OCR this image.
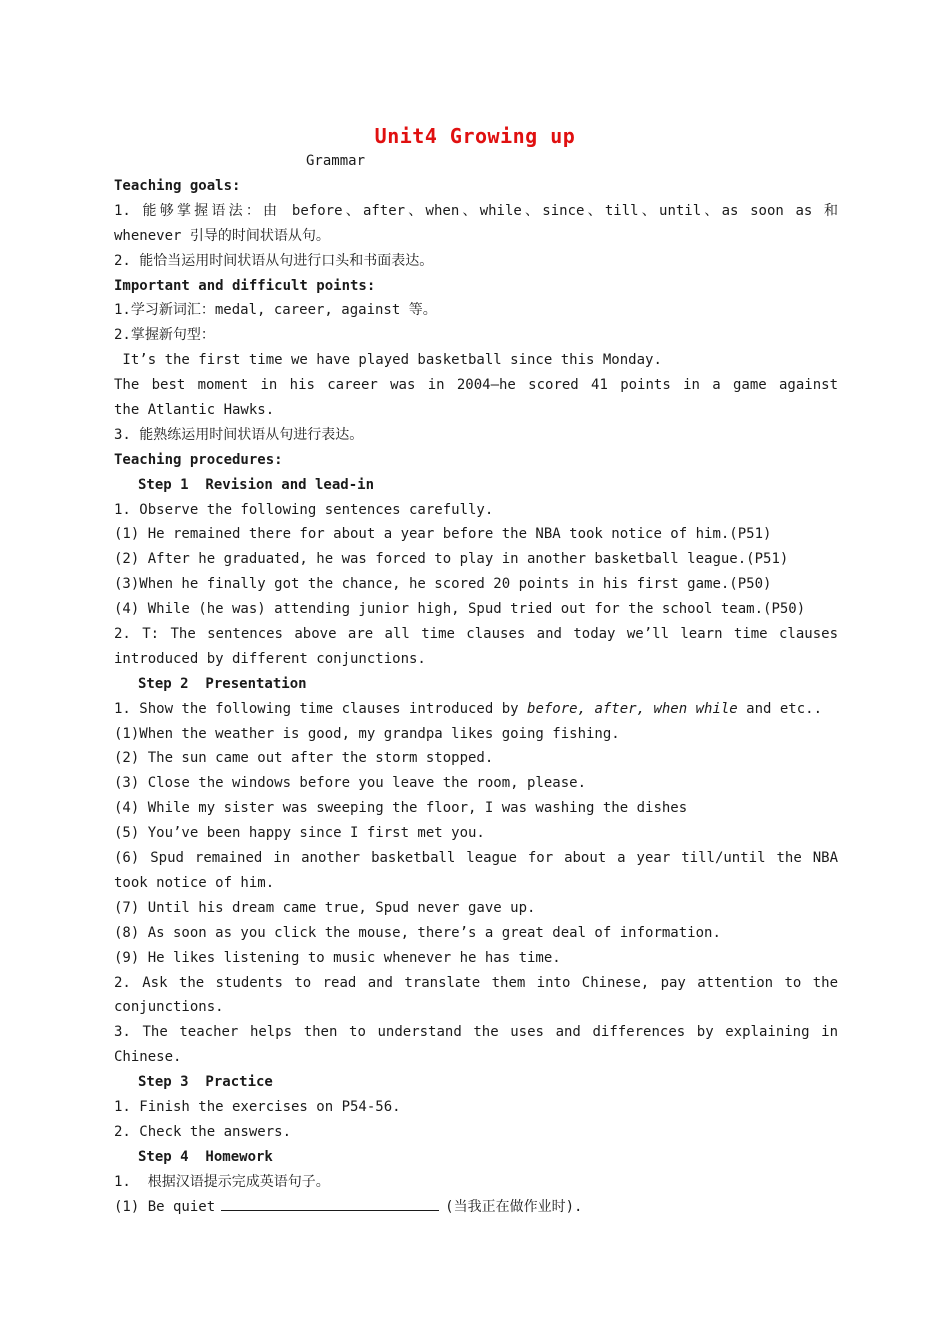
Unit4 Growing up
Grammar
Teaching goals:
1. 能够掌握语法：由 before、after、when、while、since、till、until、as soon as 和
whenever 引导的时间状语从句。
2. 能恰当运用时间状语从句进行口头和书面表达。
Important and difficult points:
1.学习新词汇：medal, career, against 等。
2.掌握新句型：
It’s the first time we have played basketball since this Monday.
The best moment in his career was in 2004—he scored 41 points in a game against
the Atlantic Hawks.
3. 能熟练运用时间状语从句进行表达。
Teaching procedures:
Step 1  Revision and lead-in
1. Observe the following sentences carefully.
(1) He remained there for about a year before the NBA took notice of him.(P51)
(2) After he graduated, he was forced to play in another basketball league.(P51)
(3)When he finally got the chance, he scored 20 points in his first game.(P50)
(4) While (he was) attending junior high, Spud tried out for the school team.(P50)
2. T: The sentences above are all time clauses and today we’ll learn time clauses
introduced by different conjunctions.
Step 2  Presentation
1. Show the following time clauses introduced by before, after, when while and etc..
(1)When the weather is good, my grandpa likes going fishing.
(2) The sun came out after the storm stopped.
(3) Close the windows before you leave the room, please.
(4) While my sister was sweeping the floor, I was washing the dishes
(5) You’ve been happy since I first met you.
(6) Spud remained in another basketball league for about a year till/until the NBA
took notice of him.
(7) Until his dream came true, Spud never gave up.
(8) As soon as you click the mouse, there’s a great deal of information.
(9) He likes listening to music whenever he has time.
2. Ask the students to read and translate them into Chinese, pay attention to the
conjunctions.
3. The teacher helps then to understand the uses and differences by explaining in
Chinese.
Step 3  Practice
1. Finish the exercises on P54-56.
2. Check the answers.
Step 4  Homework
1.  根据汉语提示完成英语句子。
(1) Be quiet	(当我正在做作业时).
